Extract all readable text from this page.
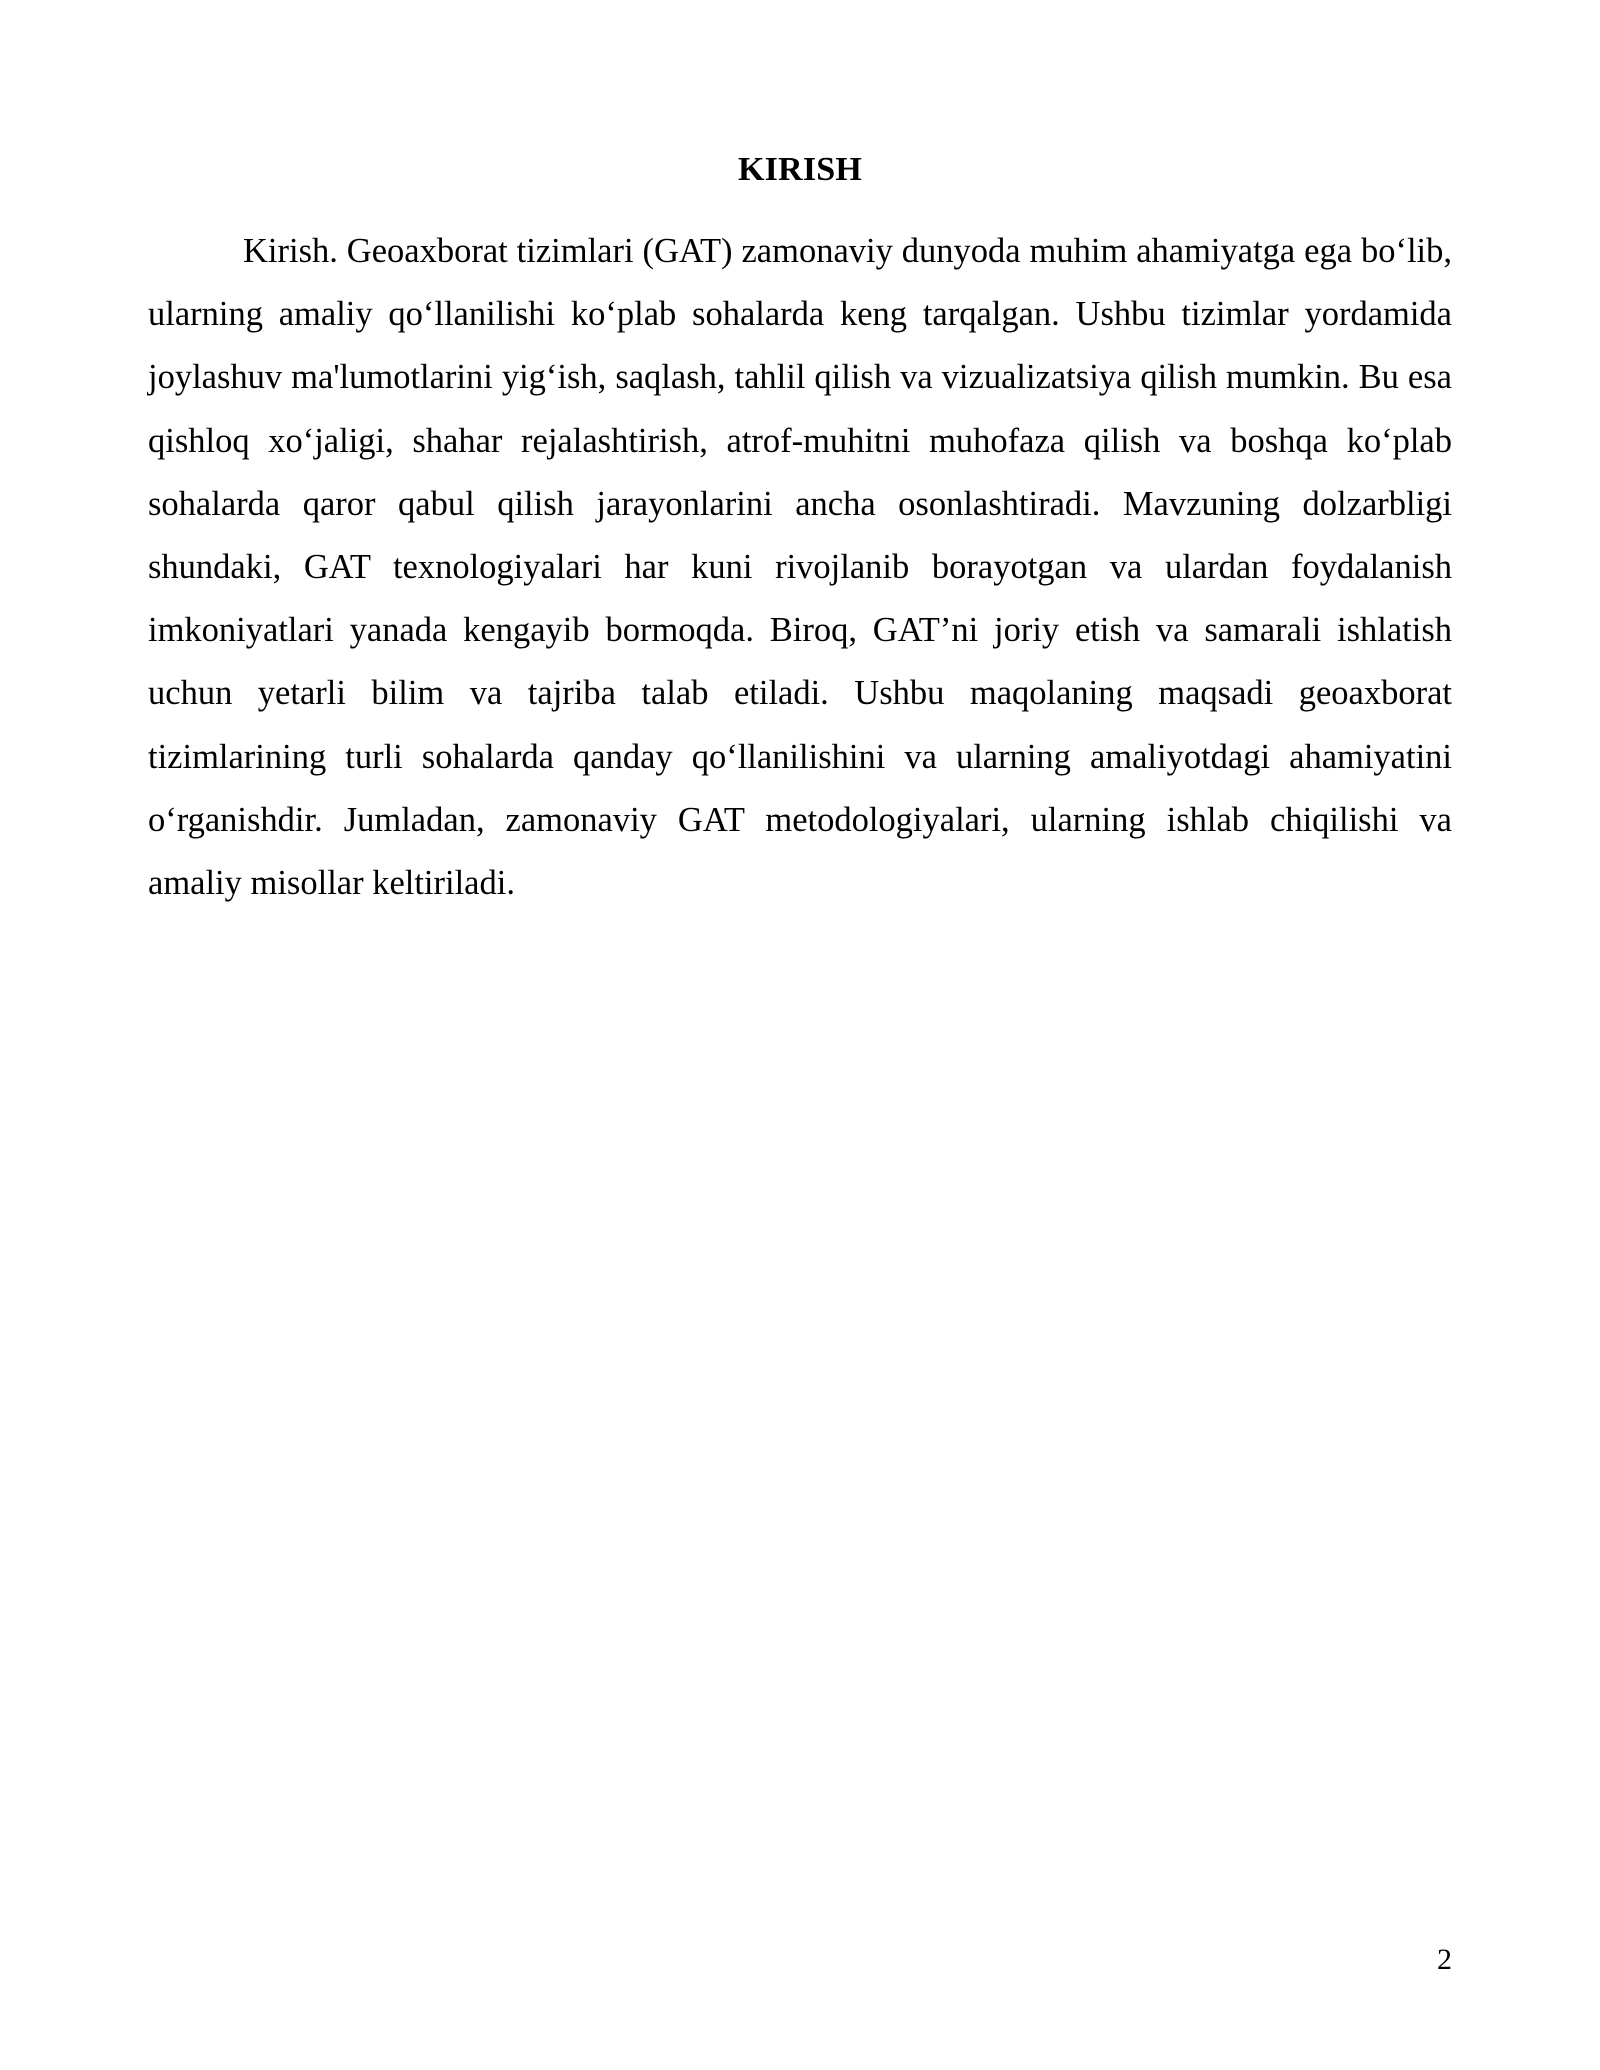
KIRISH

Kirish. Geoaxborat tizimlari (GAT) zamonaviy dunyoda muhim ahamiyatga ega bo‘lib, ularning amaliy qo‘llanilishi ko‘plab sohalarda keng tarqalgan. Ushbu tizimlar yordamida joylashuv ma'lumotlarini yig‘ish, saqlash, tahlil qilish va vizualizatsiya qilish mumkin. Bu esa qishloq xo‘jaligi, shahar rejalashtirish, atrof-muhitni muhofaza qilish va boshqa ko‘plab sohalarda qaror qabul qilish jarayonlarini ancha osonlashtiradi. Mavzuning dolzarbligi shundaki, GAT texnologiyalari har kuni rivojlanib borayotgan va ulardan foydalanish imkoniyatlari yanada kengayib bormoqda. Biroq, GAT’ni joriy etish va samarali ishlatish uchun yetarli bilim va tajriba talab etiladi. Ushbu maqolaning maqsadi geoaxborat tizimlarining turli sohalarda qanday qo‘llanilishini va ularning amaliyotdagi ahamiyatini o‘rganishdir. Jumladan, zamonaviy GAT metodologiyalari, ularning ishlab chiqilishi va amaliy misollar keltiriladi.

2
